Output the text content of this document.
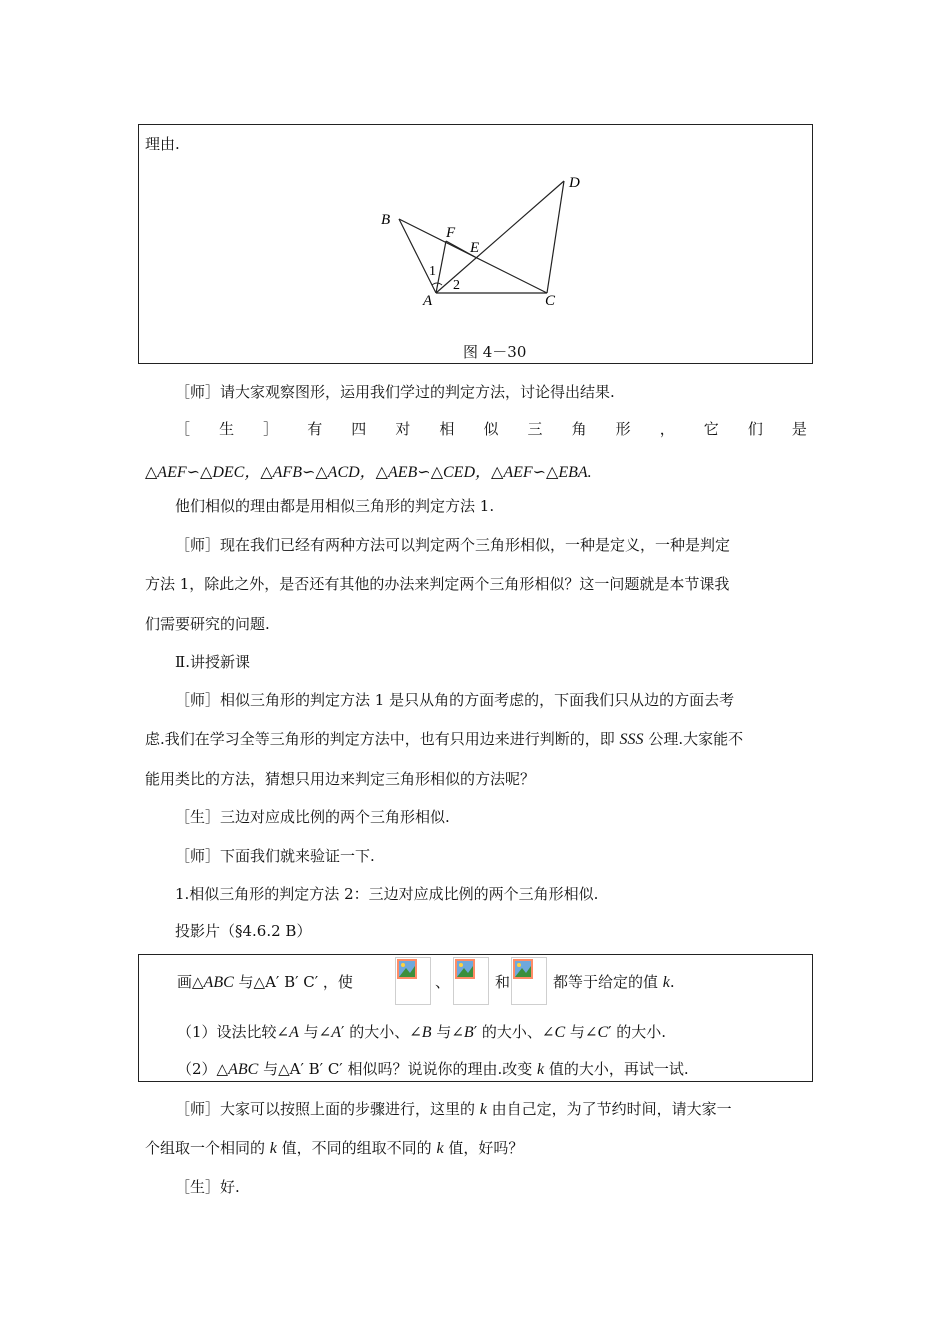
理由.
B
F
E
D
1
2
A	C
图 4－30
［师］请大家观察图形，运用我们学过的判定方法，讨论得出结果.
［ 生 ］ 有 四 对 相 似 三 角 形 ， 它 们 是
△AEF∽△DEC，△AFB∽△ACD，△AEB∽△CED，△AEF∽△EBA.
他们相似的理由都是用相似三角形的判定方法 1.
［师］现在我们已经有两种方法可以判定两个三角形相似，一种是定义，一种是判定
方法 1，除此之外，是否还有其他的办法来判定两个三角形相似？这一问题就是本节课我
们需要研究的问题.
Ⅱ.讲授新课
［师］相似三角形的判定方法 1 是只从角的方面考虑的，下面我们只从边的方面去考
虑.我们在学习全等三角形的判定方法中，也有只用边来进行判断的，即 SSS 公理.大家能不
能用类比的方法，猜想只用边来判定三角形相似的方法呢？
［生］三边对应成比例的两个三角形相似.
［师］下面我们就来验证一下.
1.相似三角形的判定方法 2：三边对应成比例的两个三角形相似.
投影片（§4.6.2 B）
画△ABC 与△A′ B′ C′ ，使	、	和	都等于给定的值 k.
（1）设法比较∠A 与∠A′ 的大小、∠B 与∠B′ 的大小、∠C 与∠C′ 的大小.
（2）△ABC 与△A′ B′ C′ 相似吗？说说你的理由.改变 k 值的大小，再试一试.
［师］大家可以按照上面的步骤进行，这里的 k 由自己定，为了节约时间，请大家一
个组取一个相同的 k 值，不同的组取不同的 k 值，好吗？
［生］好.
